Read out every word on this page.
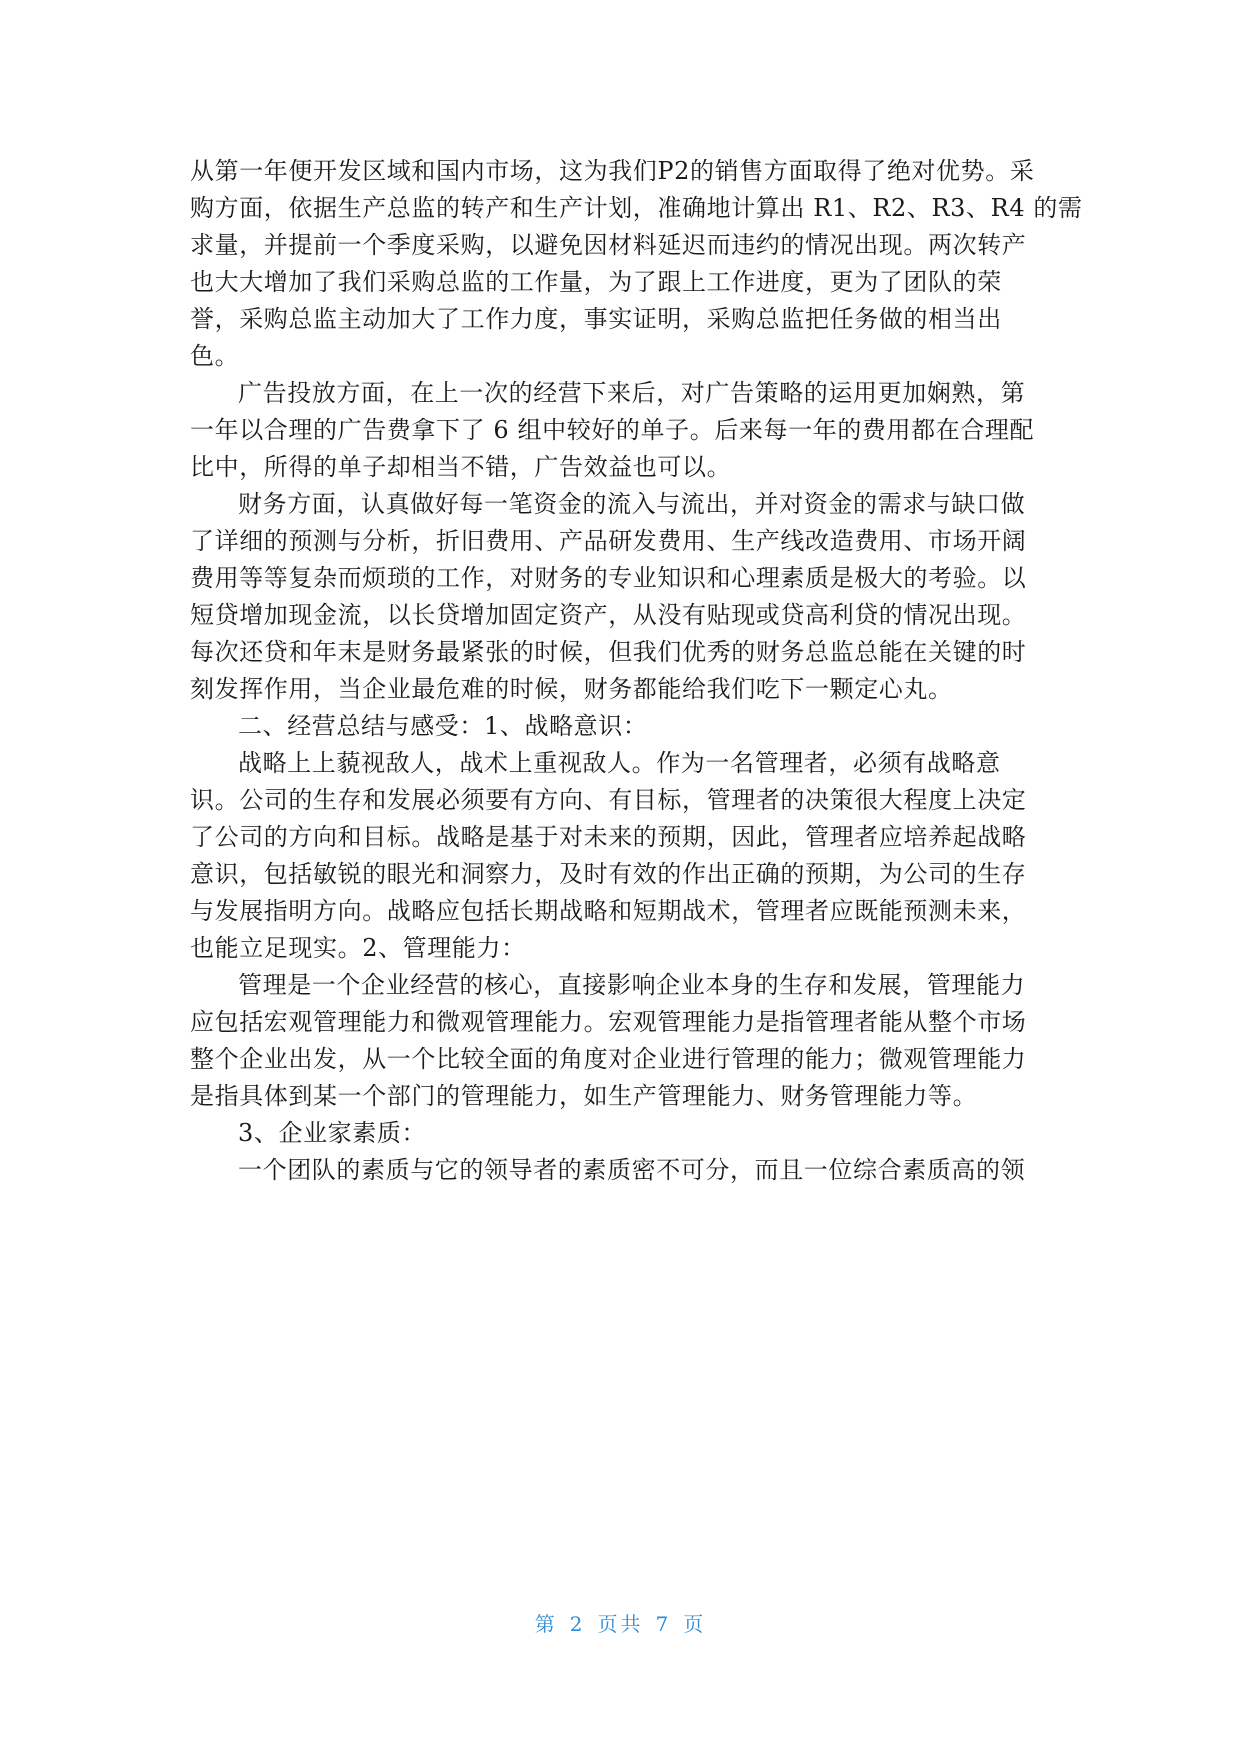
从第一年便开发区域和国内市场，这为我们P2的销售方面取得了绝对优势。采

购方面，依据生产总监的转产和生产计划，准确地计算出 R1、R2、R3、R4 的需

求量，并提前一个季度采购，以避免因材料延迟而违约的情况出现。两次转产

也大大增加了我们采购总监的工作量，为了跟上工作进度，更为了团队的荣

誉，采购总监主动加大了工作力度，事实证明，采购总监把任务做的相当出

色。

广告投放方面，在上一次的经营下来后，对广告策略的运用更加娴熟，第

一年以合理的广告费拿下了 6 组中较好的单子。后来每一年的费用都在合理配

比中，所得的单子却相当不错，广告效益也可以。

财务方面，认真做好每一笔资金的流入与流出，并对资金的需求与缺口做

了详细的预测与分析，折旧费用、产品研发费用、生产线改造费用、市场开阔

费用等等复杂而烦琐的工作，对财务的专业知识和心理素质是极大的考验。以

短贷增加现金流，以长贷增加固定资产，从没有贴现或贷高利贷的情况出现。

每次还贷和年末是财务最紧张的时候，但我们优秀的财务总监总能在关键的时

刻发挥作用，当企业最危难的时候，财务都能给我们吃下一颗定心丸。

二、经营总结与感受：1、战略意识：

战略上上藐视敌人，战术上重视敌人。作为一名管理者，必须有战略意

识。公司的生存和发展必须要有方向、有目标，管理者的决策很大程度上决定

了公司的方向和目标。战略是基于对未来的预期，因此，管理者应培养起战略

意识，包括敏锐的眼光和洞察力，及时有效的作出正确的预期，为公司的生存

与发展指明方向。战略应包括长期战略和短期战术，管理者应既能预测未来，

也能立足现实。2、管理能力：

管理是一个企业经营的核心，直接影响企业本身的生存和发展，管理能力

应包括宏观管理能力和微观管理能力。宏观管理能力是指管理者能从整个市场

整个企业出发，从一个比较全面的角度对企业进行管理的能力；微观管理能力

是指具体到某一个部门的管理能力，如生产管理能力、财务管理能力等。

3、企业家素质：

一个团队的素质与它的领导者的素质密不可分，而且一位综合素质高的领

第 2 页共 7 页
